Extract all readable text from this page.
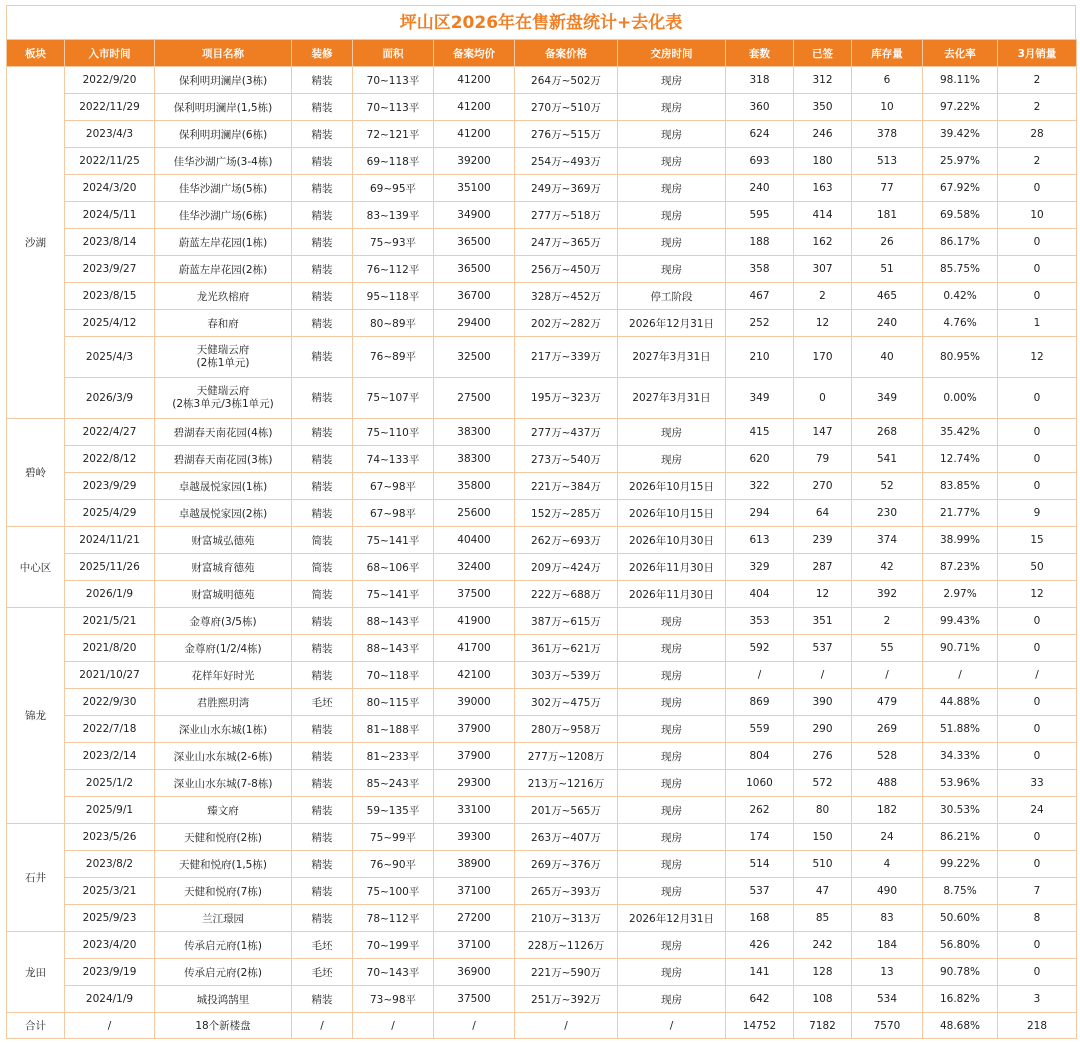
坪山区2026年在售新盘统计+去化表
板块	入市时间	项目名称	装修	面积	备案均价	备案价格	交房时间	套数	已签	库存量	去化率	3月销量
沙湖	2022/9/20	保利明玥澜岸(3栋)	精装	70~113平	41200	264万~502万	现房	318	312	6	98.11%	2
	2022/11/29	保利明玥澜岸(1,5栋)	精装	70~113平	41200	270万~510万	现房	360	350	10	97.22%	2
	2023/4/3	保利明玥澜岸(6栋)	精装	72~121平	41200	276万~515万	现房	624	246	378	39.42%	28
	2022/11/25	佳华沙湖广场(3-4栋)	精装	69~118平	39200	254万~493万	现房	693	180	513	25.97%	2
	2024/3/20	佳华沙湖广场(5栋)	精装	69~95平	35100	249万~369万	现房	240	163	77	67.92%	0
	2024/5/11	佳华沙湖广场(6栋)	精装	83~139平	34900	277万~518万	现房	595	414	181	69.58%	10
	2023/8/14	蔚蓝左岸花园(1栋)	精装	75~93平	36500	247万~365万	现房	188	162	26	86.17%	0
	2023/9/27	蔚蓝左岸花园(2栋)	精装	76~112平	36500	256万~450万	现房	358	307	51	85.75%	0
	2023/8/15	龙光玖榕府	精装	95~118平	36700	328万~452万	停工阶段	467	2	465	0.42%	0
	2025/4/12	春和府	精装	80~89平	29400	202万~282万	2026年12月31日	252	12	240	4.76%	1
	2025/4/3	天健瑞云府
(2栋1单元)	精装	76~89平	32500	217万~339万	2027年3月31日	210	170	40	80.95%	12
	2026/3/9	天健瑞云府
(2栋3单元/3栋1单元)	精装	75~107平	27500	195万~323万	2027年3月31日	349	0	349	0.00%	0
碧岭	2022/4/27	碧湖春天南花园(4栋)	精装	75~110平	38300	277万~437万	现房	415	147	268	35.42%	0
	2022/8/12	碧湖春天南花园(3栋)	精装	74~133平	38300	273万~540万	现房	620	79	541	12.74%	0
	2023/9/29	卓越晟悦家园(1栋)	精装	67~98平	35800	221万~384万	2026年10月15日	322	270	52	83.85%	0
	2025/4/29	卓越晟悦家园(2栋)	精装	67~98平	25600	152万~285万	2026年10月15日	294	64	230	21.77%	9
中心区	2024/11/21	财富城弘德苑	简装	75~141平	40400	262万~693万	2026年10月30日	613	239	374	38.99%	15
	2025/11/26	财富城育德苑	简装	68~106平	32400	209万~424万	2026年11月30日	329	287	42	87.23%	50
	2026/1/9	财富城明德苑	简装	75~141平	37500	222万~688万	2026年11月30日	404	12	392	2.97%	12
锦龙	2021/5/21	金尊府(3/5栋)	精装	88~143平	41900	387万~615万	现房	353	351	2	99.43%	0
	2021/8/20	金尊府(1/2/4栋)	精装	88~143平	41700	361万~621万	现房	592	537	55	90.71%	0
	2021/10/27	花样年好时光	精装	70~118平	42100	303万~539万	现房	/	/	/	/	/
	2022/9/30	君胜熙玥湾	毛坯	80~115平	39000	302万~475万	现房	869	390	479	44.88%	0
	2022/7/18	深业山水东城(1栋)	精装	81~188平	37900	280万~958万	现房	559	290	269	51.88%	0
	2023/2/14	深业山水东城(2-6栋)	精装	81~233平	37900	277万~1208万	现房	804	276	528	34.33%	0
	2025/1/2	深业山水东城(7-8栋)	精装	85~243平	29300	213万~1216万	现房	1060	572	488	53.96%	33
	2025/9/1	臻文府	精装	59~135平	33100	201万~565万	现房	262	80	182	30.53%	24
石井	2023/5/26	天健和悦府(2栋)	精装	75~99平	39300	263万~407万	现房	174	150	24	86.21%	0
	2023/8/2	天健和悦府(1,5栋)	精装	76~90平	38900	269万~376万	现房	514	510	4	99.22%	0
	2025/3/21	天健和悦府(7栋)	精装	75~100平	37100	265万~393万	现房	537	47	490	8.75%	7
	2025/9/23	兰江璟园	精装	78~112平	27200	210万~313万	2026年12月31日	168	85	83	50.60%	8
龙田	2023/4/20	传承启元府(1栋)	毛坯	70~199平	37100	228万~1126万	现房	426	242	184	56.80%	0
	2023/9/19	传承启元府(2栋)	毛坯	70~143平	36900	221万~590万	现房	141	128	13	90.78%	0
	2024/1/9	城投鸿鹄里	精装	73~98平	37500	251万~392万	现房	642	108	534	16.82%	3
合计	/	18个新楼盘	/	/	/	/	/	14752	7182	7570	48.68%	218
